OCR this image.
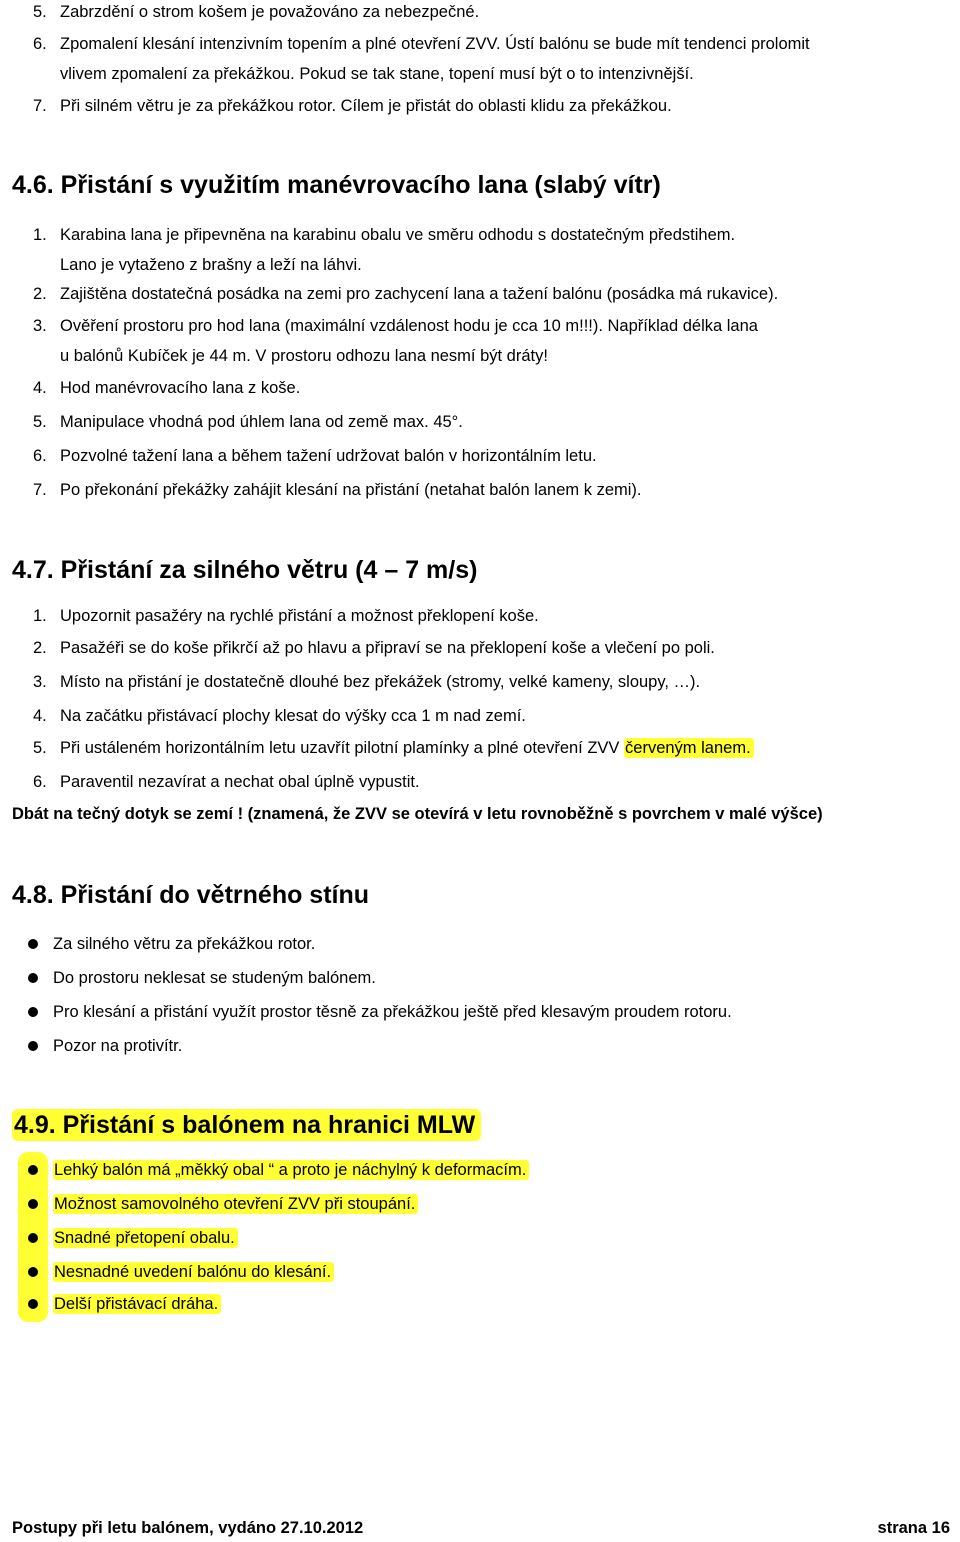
5. Zabrzdění o strom košem je považováno za nebezpečné.
6. Zpomalení klesání intenzivním topením a plné otevření ZVV. Ústí balónu se bude mít tendenci prolomit
vlivem zpomalení za překážkou. Pokud se tak stane, topení musí být o to intenzivnější.
7. Při silném větru je za překážkou rotor. Cílem je přistát do oblasti klidu za překážkou.
4.6. Přistání s využitím manévrovacího lana (slabý vítr)
1. Karabina lana je připevněna na karabinu obalu ve směru odhodu s dostatečným předstihem.
Lano je vytaženo z brašny a leží na láhvi.
2. Zajištěna dostatečná posádka na zemi pro zachycení lana a tažení balónu (posádka má rukavice).
3. Ověření prostoru pro hod lana (maximální vzdálenost hodu je cca 10 m!!!). Například délka lana
u balónů Kubíček je 44 m. V prostoru odhozu lana nesmí být dráty!
4. Hod manévrovacího lana z koše.
5. Manipulace vhodná pod úhlem lana od země max. 45°.
6. Pozvolné tažení lana a během tažení udržovat balón v horizontálním letu.
7. Po překonání překážky zahájit klesání na přistání (netahat balón lanem k zemi).
4.7. Přistání za silného větru (4 – 7 m/s)
1. Upozornit pasažéry na rychlé přistání a možnost překlopení koše.
2. Pasažéři se do koše přikrčí až po hlavu a připraví se na překlopení koše a vlečení po poli.
3. Místo na přistání je dostatečně dlouhé bez překážek (stromy, velké kameny, sloupy, …).
4. Na začátku přistávací plochy klesat do výšky cca 1 m nad zemí.
5. Při ustáleném horizontálním letu uzavřít pilotní plamínky a plné otevření ZVV červeným lanem.
6. Paraventil nezavírat a nechat obal úplně vypustit.
Dbát na tečný dotyk se zemí ! (znamená, že ZVV se otevírá v letu rovnoběžně s povrchem v malé výšce)
4.8. Přistání do větrného stínu
Za silného větru za překážkou rotor.
Do prostoru neklesat se studeným balónem.
Pro klesání a přistání využít prostor těsně za překážkou ještě před klesavým proudem rotoru.
Pozor na protivítr.
4.9. Přistání s balónem na hranici MLW
Lehký balón má „měkký obal “ a proto je náchylný k deformacím.
Možnost samovolného otevření ZVV při stoupání.
Snadné přetopení obalu.
Nesnadné uvedení balónu do klesání.
Delší přistávací dráha.
Postupy při letu balónem, vydáno 27.10.2012	strana 16
